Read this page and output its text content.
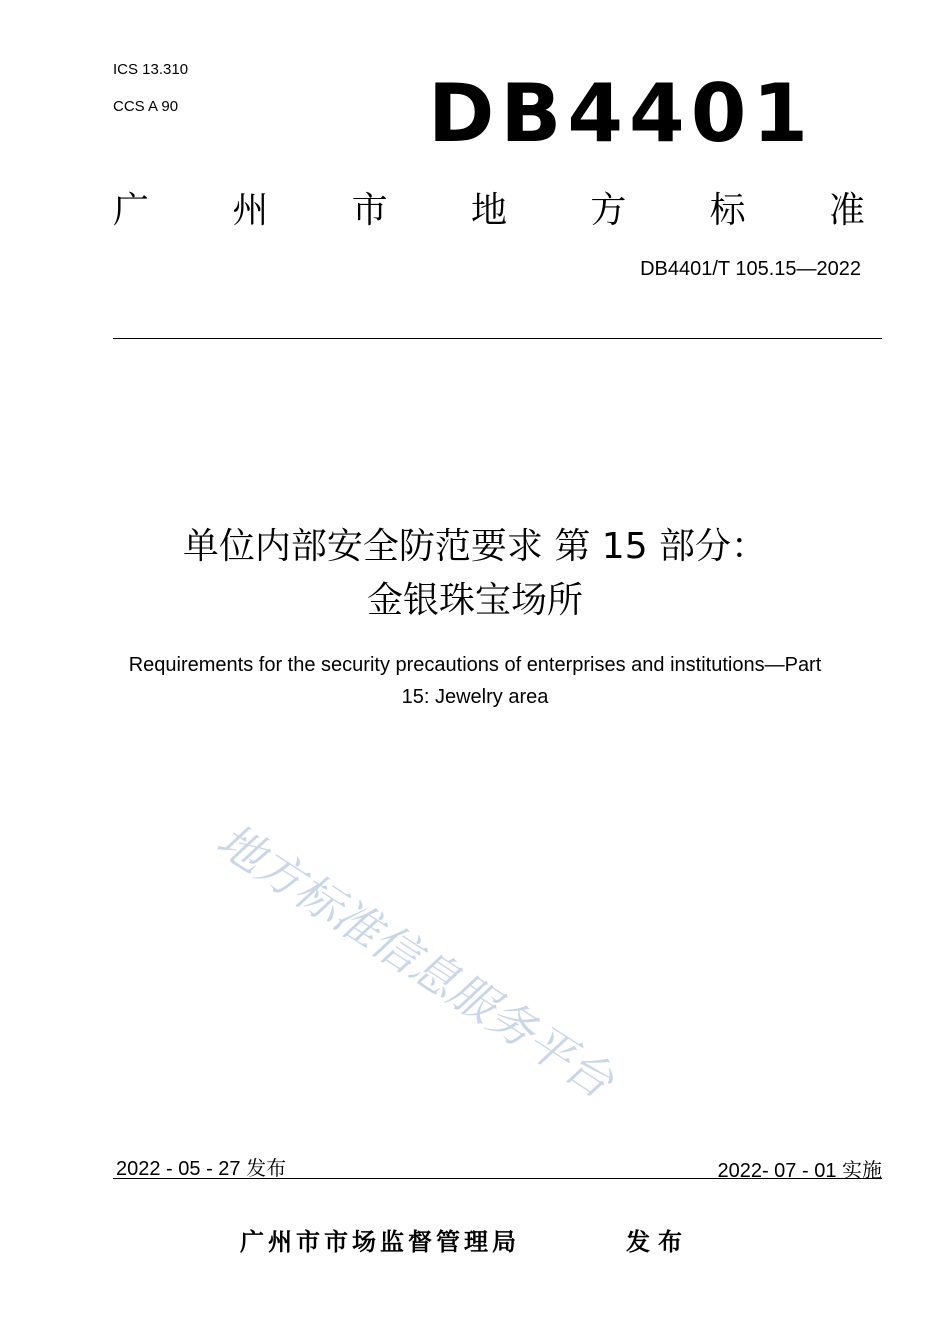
ICS 13.310
CCS A 90	DB4401
广 州 市 地 方 标 准
DB4401/T 105.15—2022
单位内部安全防范要求 第 15 部分：
金银珠宝场所
Requirements for the security precautions of enterprises and institutions—Part
15: Jewelry area
地方标准信息服务平台
2022 - 05 - 27 发布	2022- 07 - 01 实施
广州市市场监督管理局	发布
